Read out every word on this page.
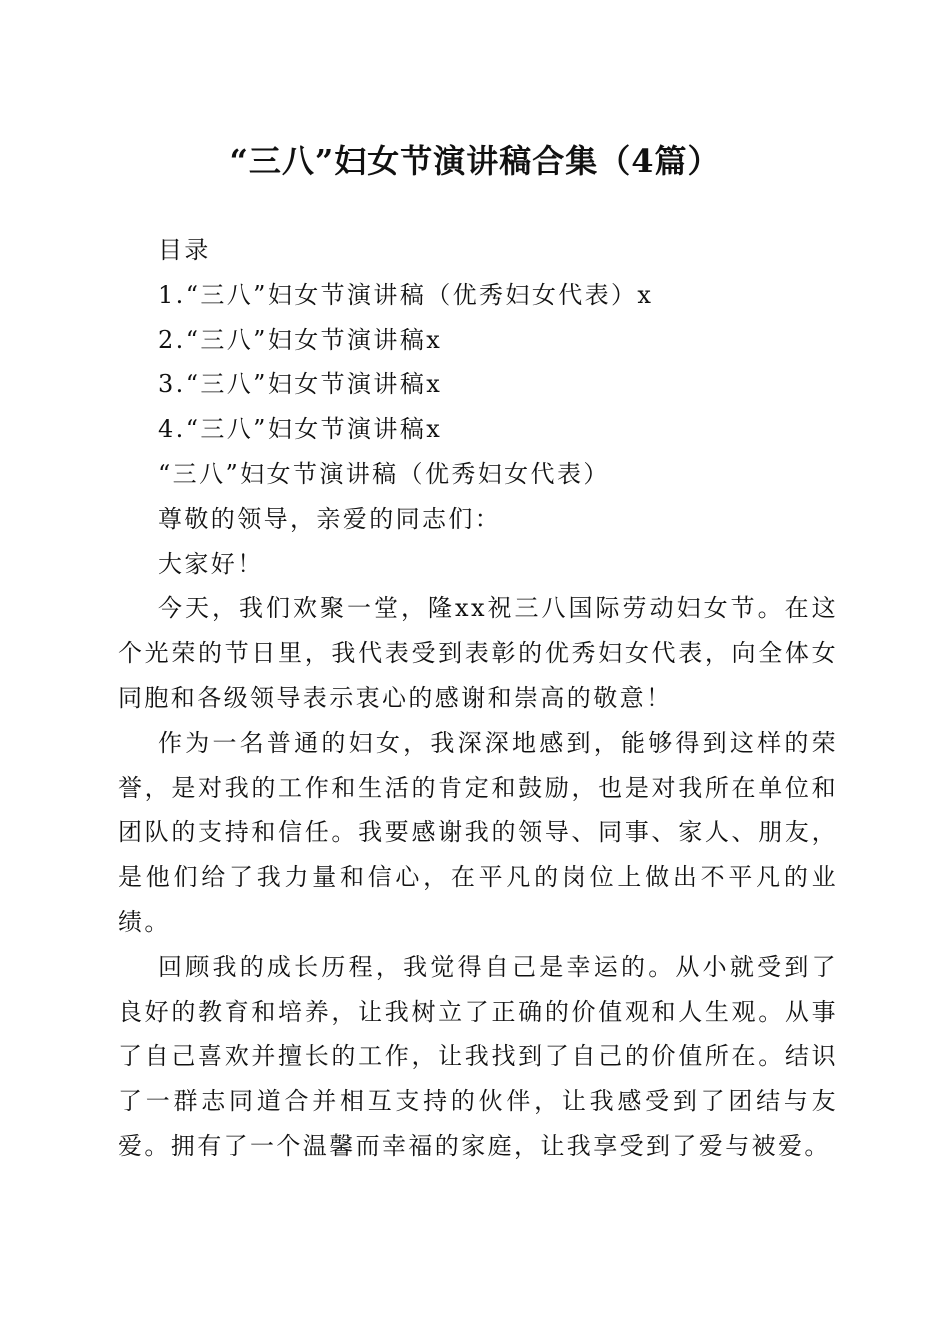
“三八”妇女节演讲稿合集（4篇）

目录

1.“三八”妇女节演讲稿（优秀妇女代表）x

2.“三八”妇女节演讲稿x

3.“三八”妇女节演讲稿x

4.“三八”妇女节演讲稿x

“三八”妇女节演讲稿（优秀妇女代表）

尊敬的领导，亲爱的同志们：

大家好！

今天，我们欢聚一堂，隆xx祝三八国际劳动妇女节。在这个光荣的节日里，我代表受到表彰的优秀妇女代表，向全体女同胞和各级领导表示衷心的感谢和崇高的敬意！

作为一名普通的妇女，我深深地感到，能够得到这样的荣誉，是对我的工作和生活的肯定和鼓励，也是对我所在单位和团队的支持和信任。我要感谢我的领导、同事、家人、朋友，是他们给了我力量和信心，在平凡的岗位上做出不平凡的业绩。

回顾我的成长历程，我觉得自己是幸运的。从小就受到了良好的教育和培养，让我树立了正确的价值观和人生观。从事了自己喜欢并擅长的工作，让我找到了自己的价值所在。结识了一群志同道合并相互支持的伙伴，让我感受到了团结与友爱。拥有了一个温馨而幸福的家庭，让我享受到了爱与被爱。
